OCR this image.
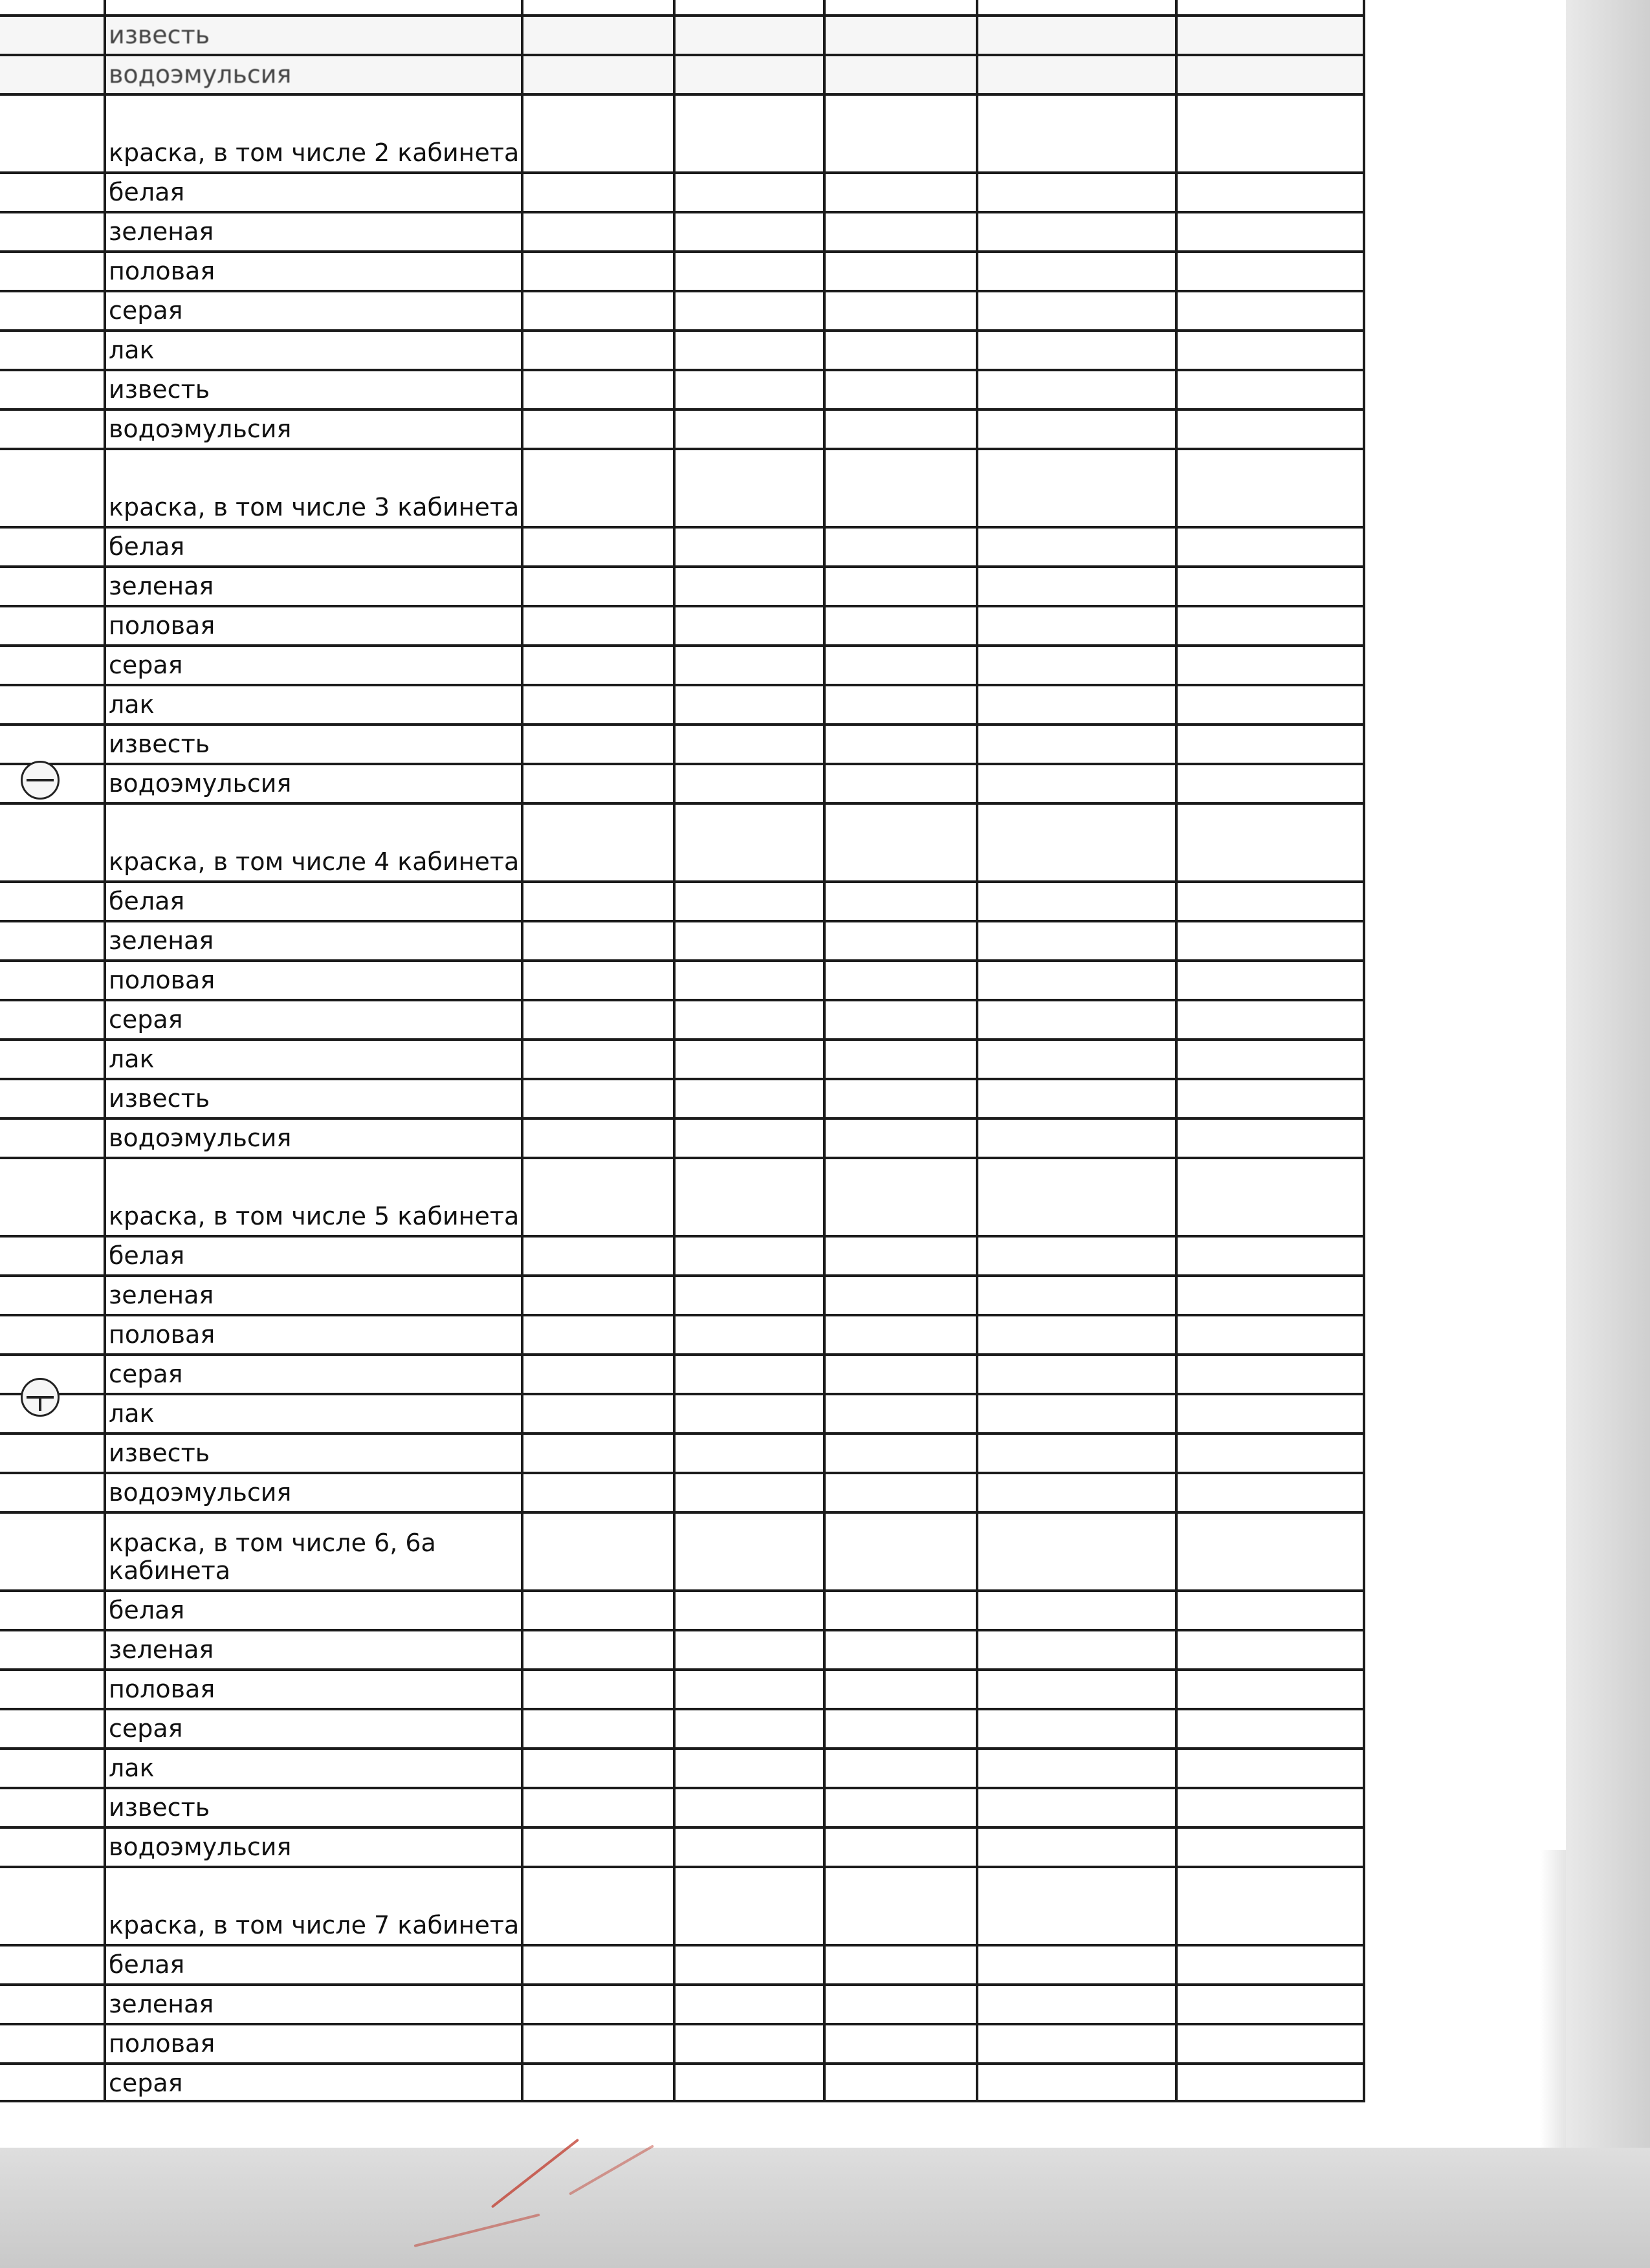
известь
водоэмульсия
краска, в том числе 2 кабинета
белая
зеленая
половая
серая
лак
известь
водоэмульсия
краска, в том числе 3 кабинета
белая
зеленая
половая
серая
лак
известь
водоэмульсия
краска, в том числе 4 кабинета
белая
зеленая
половая
серая
лак
известь
водоэмульсия
краска, в том числе 5 кабинета
белая
зеленая
половая
серая
лак
известь
водоэмульсия
краска, в том числе 6, 6а кабинета
белая
зеленая
половая
серая
лак
известь
водоэмульсия
краска, в том числе 7 кабинета
белая
зеленая
половая
серая
